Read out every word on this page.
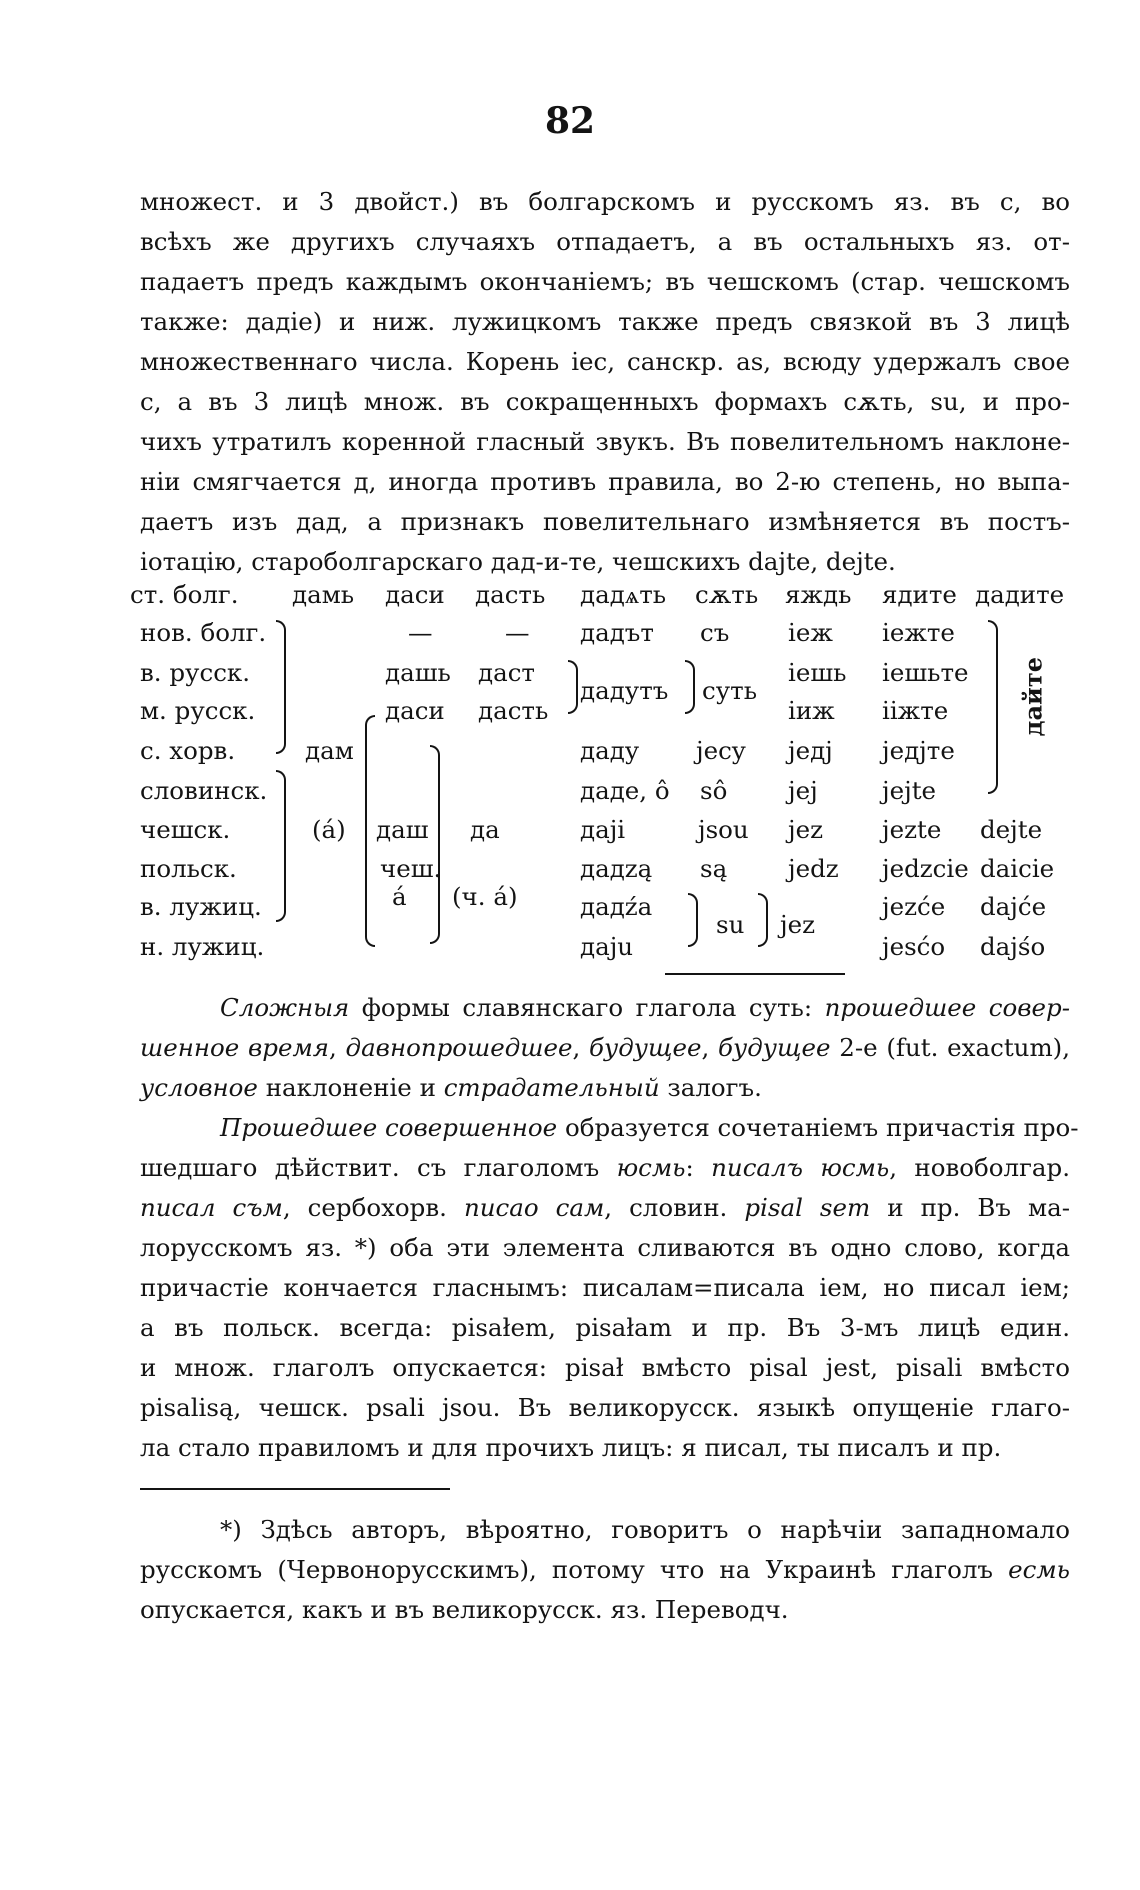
82
множест. и 3 двойст.) въ болгарскомъ и русскомъ яз. въ с, во
всѣхъ же другихъ случаяхъ отпадаетъ, а въ остальныхъ яз. от-
падаетъ предъ каждымъ окончаніемъ; въ чешскомъ (стар. чешскомъ
также: дадіе) и ниж. лужицкомъ также предъ связкой въ 3 лицѣ
множественнаго числа. Корень іес, санскр. as, всюду удержалъ свое
с, а въ 3 лицѣ множ. въ сокращенныхъ формахъ сѫть, su, и про-
чихъ утратилъ коренной гласный звукъ. Въ повелительномъ наклоне-
ніи смягчается д, иногда противъ правила, во 2-ю степень, но выпа-
даетъ изъ дад, а признакъ повелительнаго измѣняется въ постъ-
іотацію, староболгарскаго дад-и-те, чешскихъ dajte, dejte.
ст. болг. дамь даси дасть дадѧть сѫть яждь ядите дадите
нов. болг.
в. русск.
м. русск.
с. хорв.
словинск.
чешск.
польск.
в. лужиц.
н. лужиц.
дам
(á)
—	—
дашь даст
даси дасть
даш
чеш.
á
да
(ч. á)
дадът
дадутъ
даду
даде, ô
даji
дадzą
дадźа
даju
съ
суть
jecy
sô
jsou
są
su
іеж
іешь
іиж
jeдj
jej
jez
jedz
jez
іежте
іешьте
іiжте
jeдjте
jejte
jezte
jedzcie
jezće
jesćo
дайте
dejte
daicie
dajće
dajśo
Сложныя формы славянскаго глагола суть: прошедшее совер-
шенное время, давнопрошедшее, будущее, будущее 2-е (fut. exactum),
условное наклоненіе и страдательный залогъ.
Прошедшее совершенное образуется сочетаніемъ причастія про-
шедшаго дѣйствит. съ глаголомъ юсмь: писалъ юсмь, новоболгар.
писал съм, сербохорв. писао сам, словин. pisal sem и пр. Въ ма-
лорусскомъ яз. *) оба эти элемента сливаются въ одно слово, когда
причастіе кончается гласнымъ: писалам=писала іем, но писал іем;
а въ польск. всегда: pisałem, pisałam и пр. Въ 3-мъ лицѣ един.
и множ. глаголъ опускается: pisał вмѣсто pisal jest, pisali вмѣсто
pisalisą, чешск. psali jsou. Въ великорусск. языкѣ опущеніе глаго-
ла стало правиломъ и для прочихъ лицъ: я писал, ты писалъ и пр.
*) Здѣсь авторъ, вѣроятно, говоритъ о нарѣчіи западномало
русскомъ (Червонорусскимъ), потому что на Украинѣ глаголъ есмь
опускается, какъ и въ великорусск. яз. Переводч.
